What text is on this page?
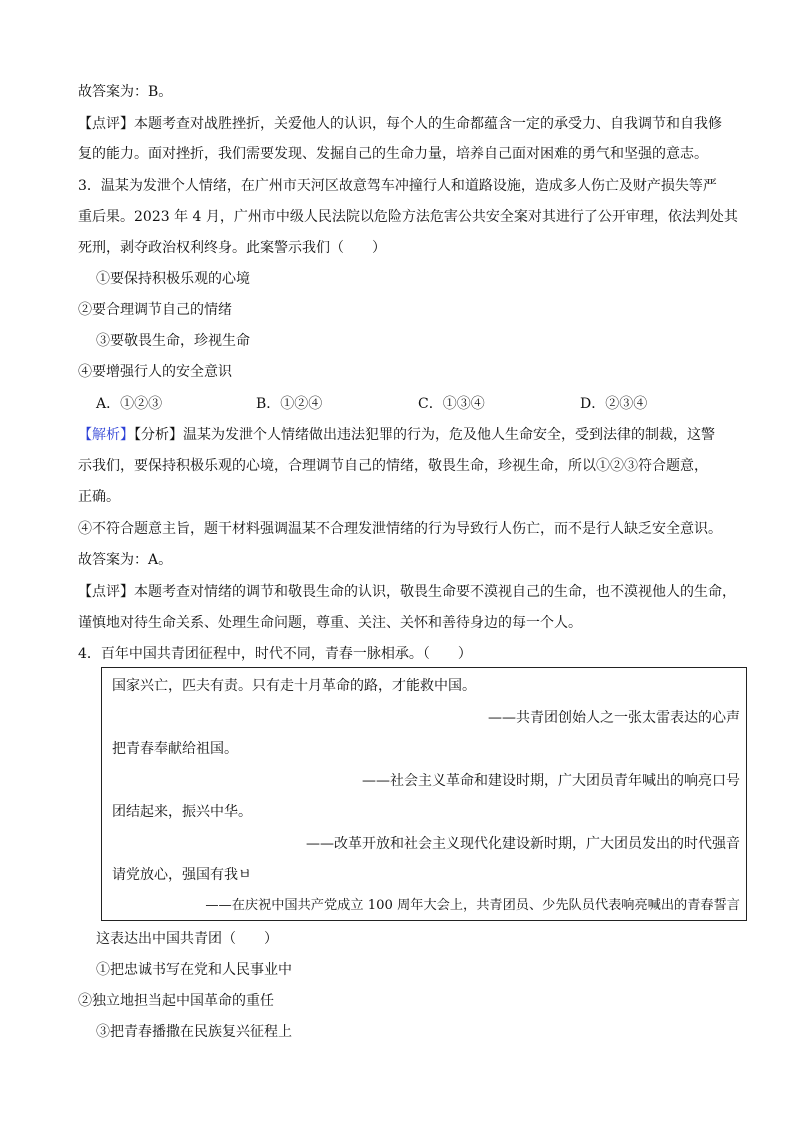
故答案为：B。
【点评】本题考查对战胜挫折，关爱他人的认识，每个人的生命都蕴含一定的承受力、自我调节和自我修
复的能力。面对挫折，我们需要发现、发掘自己的生命力量，培养自己面对困难的勇气和坚强的意志。
3．温某为发泄个人情绪，在广州市天河区故意驾车冲撞行人和道路设施，造成多人伤亡及财产损失等严
重后果。2023 年 4 月，广州市中级人民法院以危险方法危害公共安全案对其进行了公开审理，依法判处其
死刑，剥夺政治权利终身。此案警示我们（　　）
①要保持积极乐观的心境
②要合理调节自己的情绪
③要敬畏生命，珍视生命
④要增强行人的安全意识
A．①②③	B．①②④	C．①③④	D．②③④
【解析】【分析】温某为发泄个人情绪做出违法犯罪的行为，危及他人生命安全，受到法律的制裁，这警
示我们，要保持积极乐观的心境，合理调节自己的情绪，敬畏生命，珍视生命，所以①②③符合题意，
正确。
④不符合题意主旨，题干材料强调温某不合理发泄情绪的行为导致行人伤亡，而不是行人缺乏安全意识。
故答案为：A。
【点评】本题考查对情绪的调节和敬畏生命的认识，敬畏生命要不漠视自己的生命，也不漠视他人的生命，
谨慎地对待生命关系、处理生命问题，尊重、关注、关怀和善待身边的每一个人。
4．百年中国共青团征程中，时代不同，青春一脉相承。（　　）
国家兴亡，匹夫有责。只有走十月革命的路，才能救中国。
——共青团创始人之一张太雷表达的心声
把青春奉献给祖国。
——社会主义革命和建设时期，广大团员青年喊出的响亮口号
团结起来，振兴中华。
——改革开放和社会主义现代化建设新时期，广大团员发出的时代强音
请党放心，强国有我ㅂ
——在庆祝中国共产党成立 100 周年大会上，共青团员、少先队员代表响亮喊出的青春誓言
这表达出中国共青团（　　）
①把忠诚书写在党和人民事业中
②独立地担当起中国革命的重任
③把青春播撒在民族复兴征程上
